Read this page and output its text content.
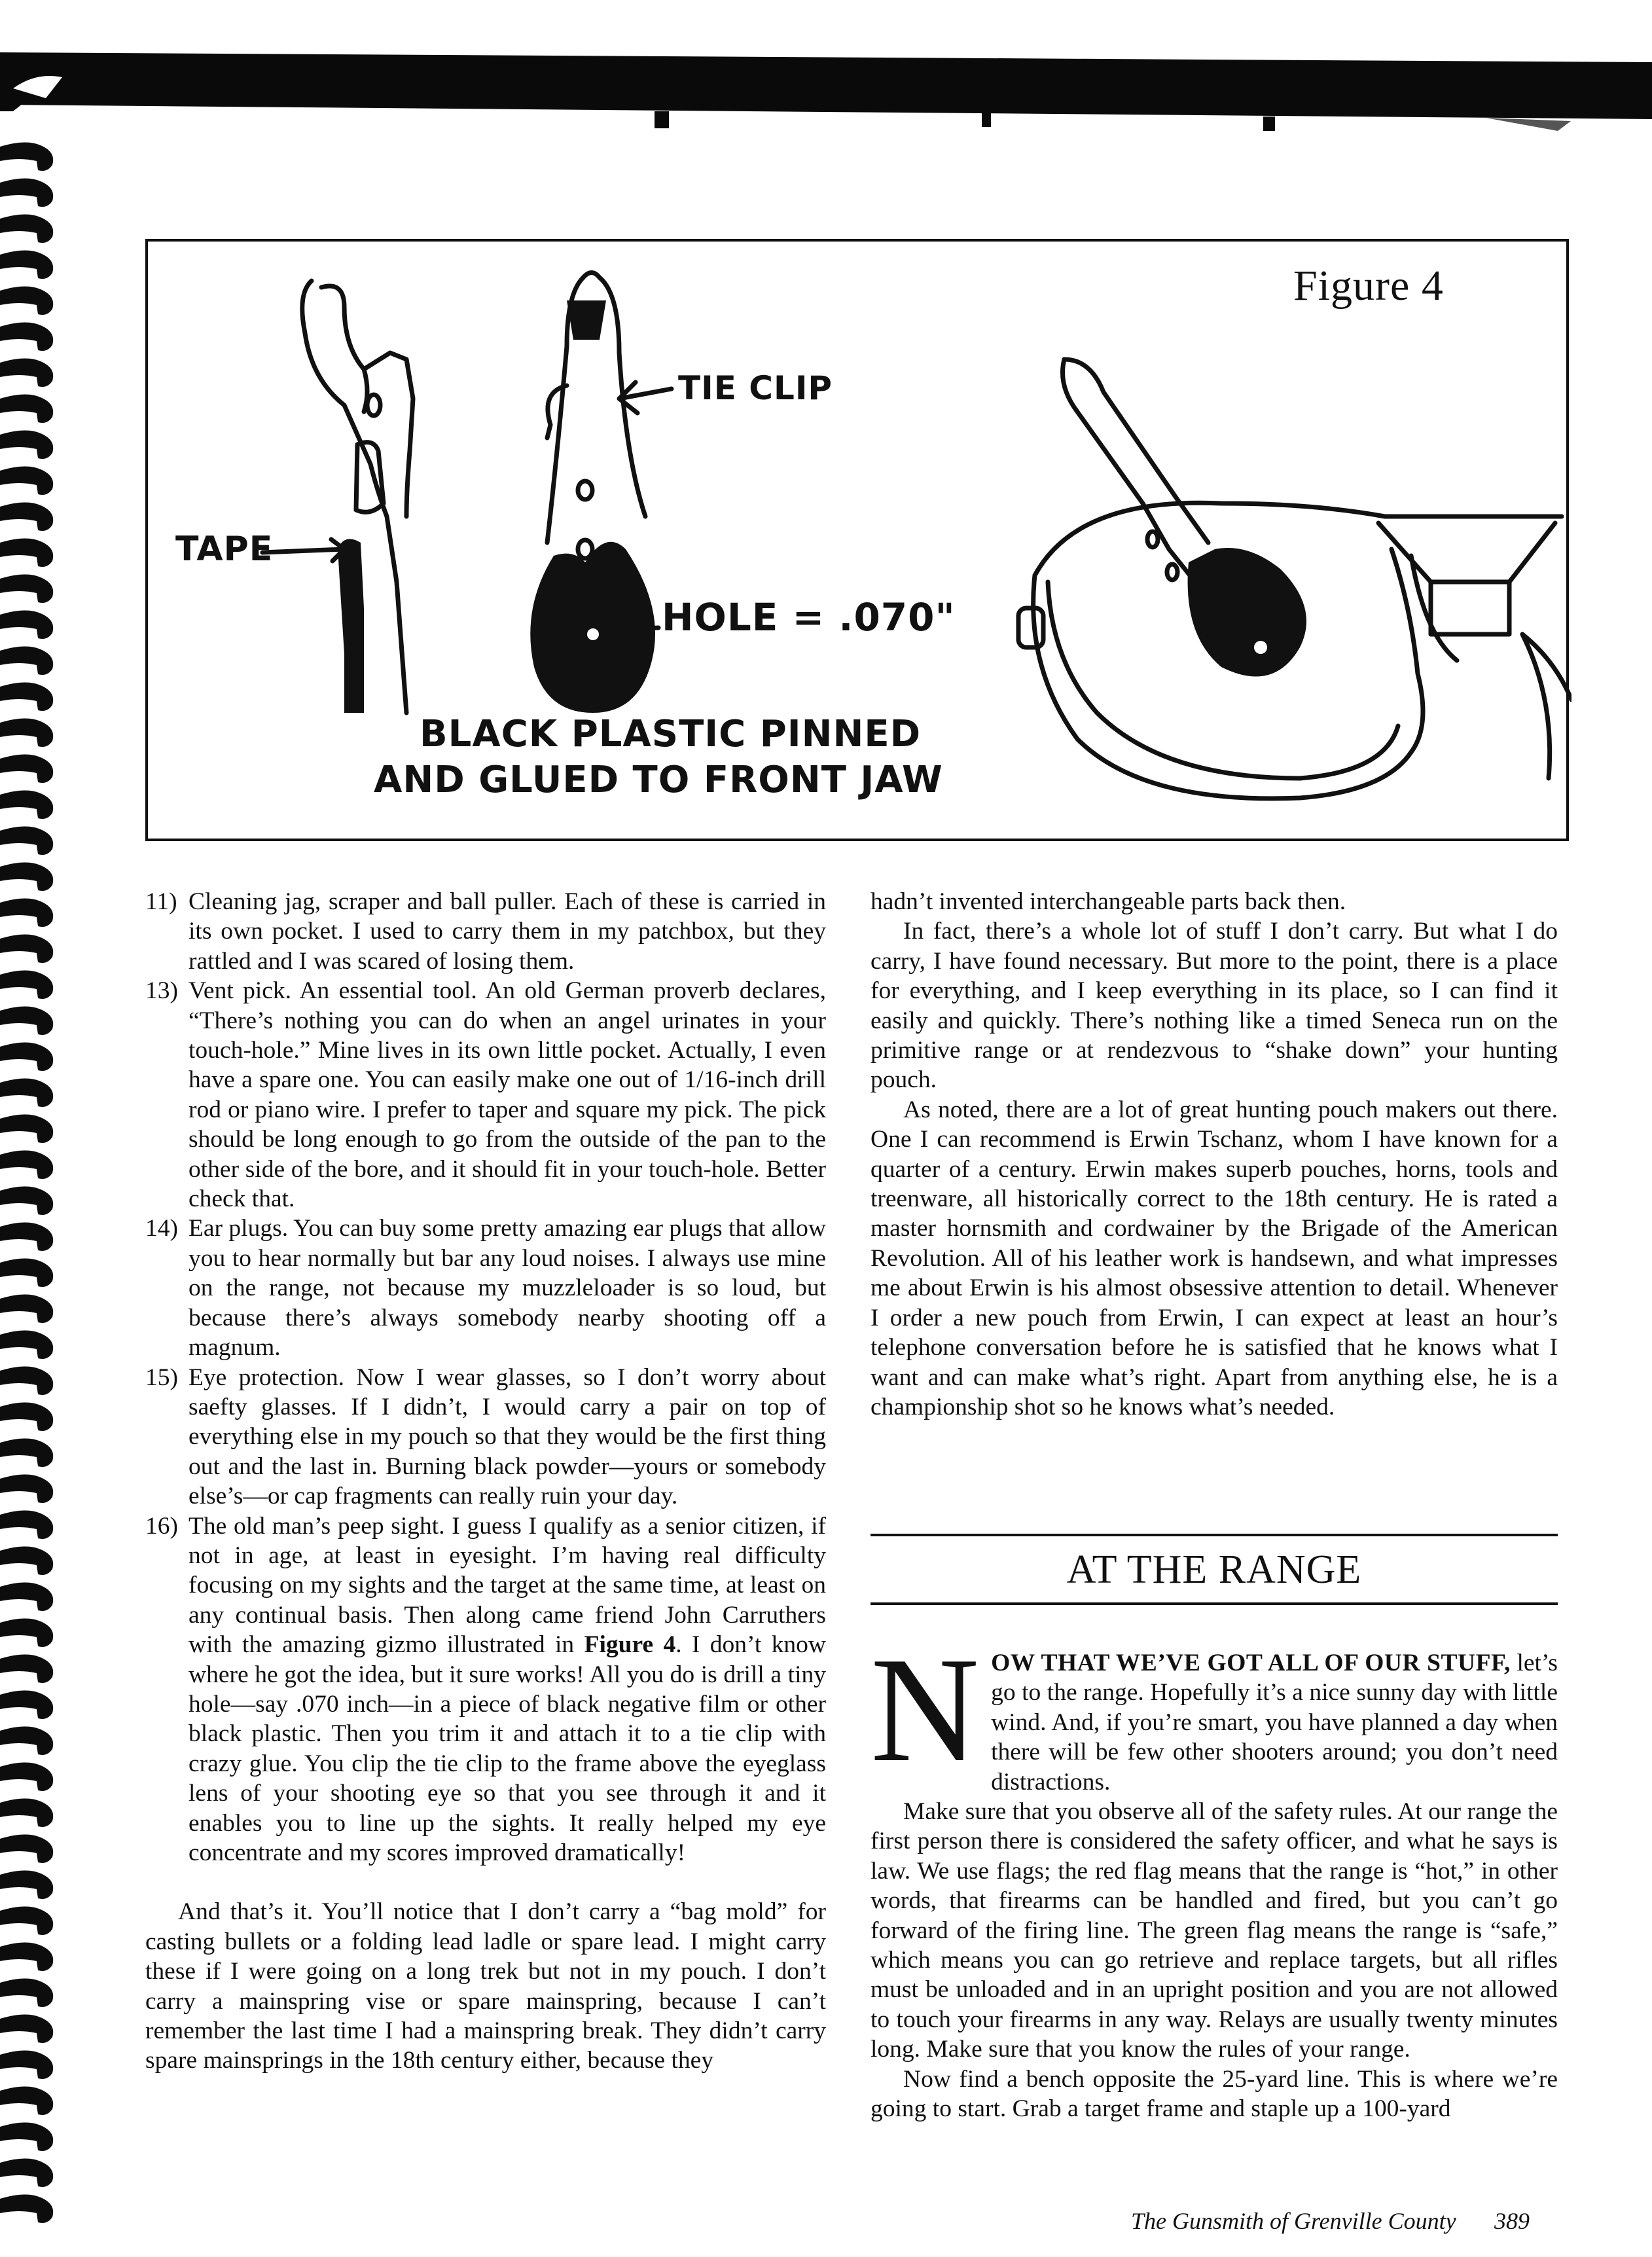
Figure 4
TIE CLIP
TAPE
HOLE = .070"
BLACK PLASTIC PINNED
AND GLUED TO FRONT JAW
11) Cleaning jag, scraper and ball puller. Each of these is carried in its own pocket. I used to carry them in my patchbox, but they rattled and I was scared of losing them.
13) Vent pick. An essential tool. An old German proverb declares, “There’s nothing you can do when an angel urinates in your touch-hole.” Mine lives in its own little pocket. Actually, I even have a spare one. You can easily make one out of 1/16-inch drill rod or piano wire. I prefer to taper and square my pick. The pick should be long enough to go from the outside of the pan to the other side of the bore, and it should fit in your touch-hole. Better check that.
14) Ear plugs. You can buy some pretty amazing ear plugs that allow you to hear normally but bar any loud noises. I always use mine on the range, not because my muzzleloader is so loud, but because there’s always somebody nearby shooting off a magnum.
15) Eye protection. Now I wear glasses, so I don’t worry about saefty glasses. If I didn’t, I would carry a pair on top of everything else in my pouch so that they would be the first thing out and the last in. Burning black powder—yours or somebody else’s—or cap fragments can really ruin your day.
16) The old man’s peep sight. I guess I qualify as a senior citizen, if not in age, at least in eyesight. I’m having real difficulty focusing on my sights and the target at the same time, at least on any continual basis. Then along came friend John Carruthers with the amazing gizmo illustrated in Figure 4. I don’t know where he got the idea, but it sure works! All you do is drill a tiny hole—say .070 inch—in a piece of black negative film or other black plastic. Then you trim it and attach it to a tie clip with crazy glue. You clip the tie clip to the frame above the eyeglass lens of your shooting eye so that you see through it and it enables you to line up the sights. It really helped my eye concentrate and my scores improved dramatically!

And that’s it. You’ll notice that I don’t carry a “bag mold” for casting bullets or a folding lead ladle or spare lead. I might carry these if I were going on a long trek but not in my pouch. I don’t carry a mainspring vise or spare mainspring, because I can’t remember the last time I had a mainspring break. They didn’t carry spare mainsprings in the 18th century either, because they

hadn’t invented interchangeable parts back then.

In fact, there’s a whole lot of stuff I don’t carry. But what I do carry, I have found necessary. But more to the point, there is a place for everything, and I keep everything in its place, so I can find it easily and quickly. There’s nothing like a timed Seneca run on the primitive range or at rendezvous to “shake down” your hunting pouch.

As noted, there are a lot of great hunting pouch makers out there. One I can recommend is Erwin Tschanz, whom I have known for a quarter of a century. Erwin makes superb pouches, horns, tools and treenware, all historically correct to the 18th century. He is rated a master hornsmith and cordwainer by the Brigade of the American Revolution. All of his leather work is handsewn, and what impresses me about Erwin is his almost obsessive attention to detail. Whenever I order a new pouch from Erwin, I can expect at least an hour’s telephone conversation before he is satisfied that he knows what I want and can make what’s right. Apart from anything else, he is a championship shot so he knows what’s needed.

AT THE RANGE

NOW THAT WE’VE GOT ALL OF OUR STUFF, let’s go to the range. Hopefully it’s a nice sunny day with little wind. And, if you’re smart, you have planned a day when there will be few other shooters around; you don’t need distractions.

Make sure that you observe all of the safety rules. At our range the first person there is considered the safety officer, and what he says is law. We use flags; the red flag means that the range is “hot,” in other words, that firearms can be handled and fired, but you can’t go forward of the firing line. The green flag means the range is “safe,” which means you can go retrieve and replace targets, but all rifles must be unloaded and in an upright position and you are not allowed to touch your firearms in any way. Relays are usually twenty minutes long. Make sure that you know the rules of your range.

Now find a bench opposite the 25-yard line. This is where we’re going to start. Grab a target frame and staple up a 100-yard

The Gunsmith of Grenville County 389
